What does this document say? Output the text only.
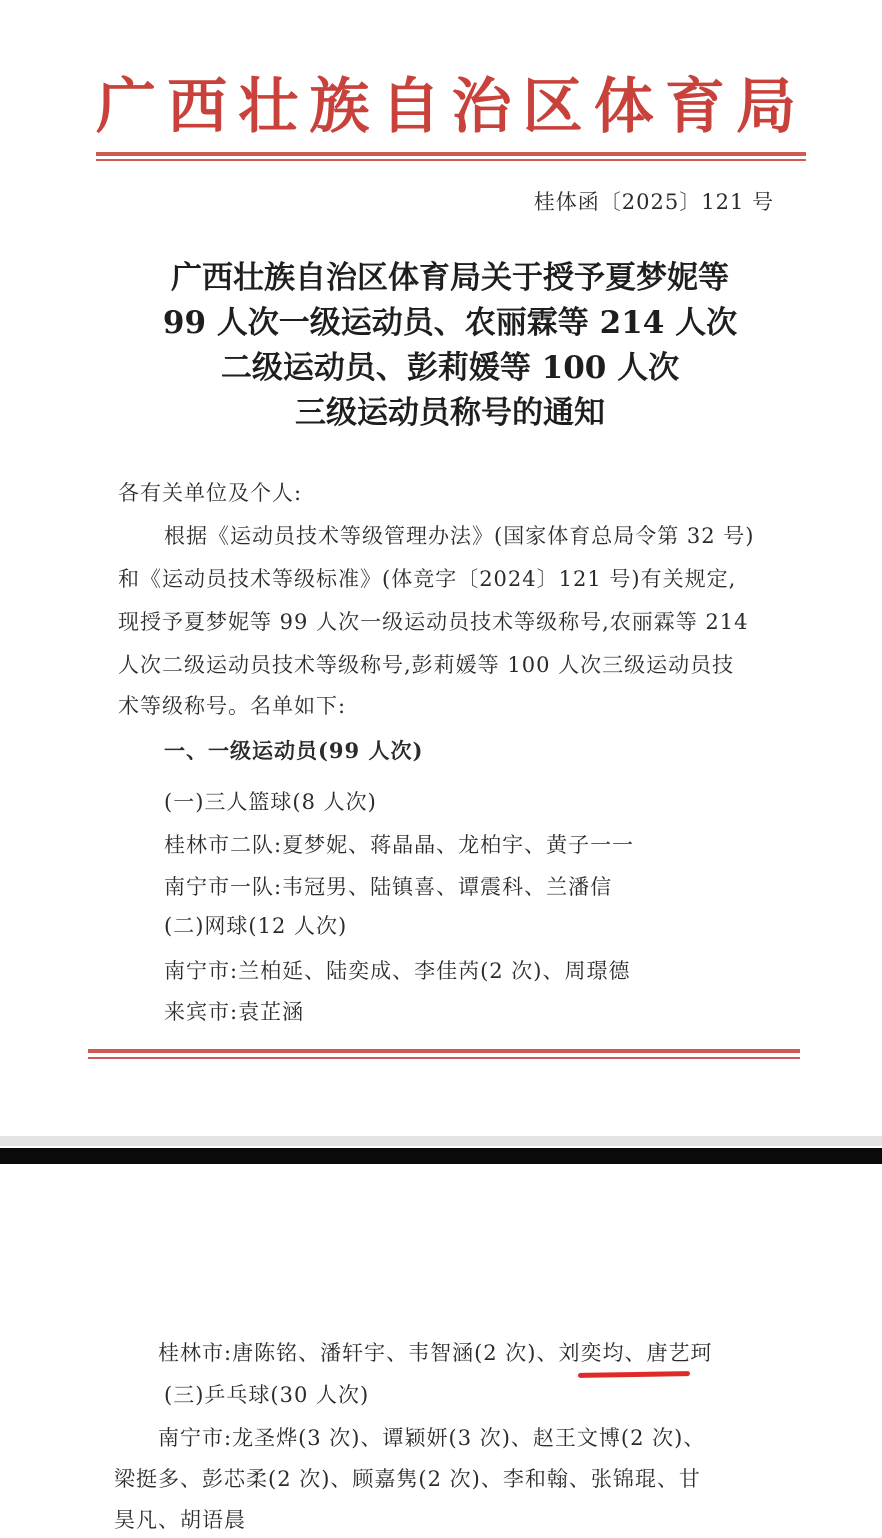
广 西 壮 族 自 治 区 体 育 局
桂体函〔2025〕121 号
广西壮族自治区体育局关于授予夏梦妮等
99 人次一级运动员、农丽霖等 214 人次
二级运动员、彭莉媛等 100 人次
三级运动员称号的通知
各有关单位及个人:
根据《运动员技术等级管理办法》(国家体育总局令第 32 号)
和《运动员技术等级标准》(体竞字〔2024〕121 号)有关规定,
现授予夏梦妮等 99 人次一级运动员技术等级称号,农丽霖等 214
人次二级运动员技术等级称号,彭莉媛等 100 人次三级运动员技
术等级称号。名单如下:
一、一级运动员(99 人次)
(一)三人篮球(8 人次)
桂林市二队:夏梦妮、蒋晶晶、龙柏宇、黄子一一
南宁市一队:韦冠男、陆镇喜、谭震科、兰潘信
(二)网球(12 人次)
南宁市:兰柏延、陆奕成、李佳芮(2 次)、周璟德
来宾市:袁芷涵
桂林市:唐陈铭、潘轩宇、韦智涵(2 次)、刘奕均、唐艺珂
(三)乒乓球(30 人次)
南宁市:龙圣烨(3 次)、谭颖妍(3 次)、赵王文博(2 次)、
梁挺多、彭芯柔(2 次)、顾嘉隽(2 次)、李和翰、张锦琨、甘
昊凡、胡语晨
